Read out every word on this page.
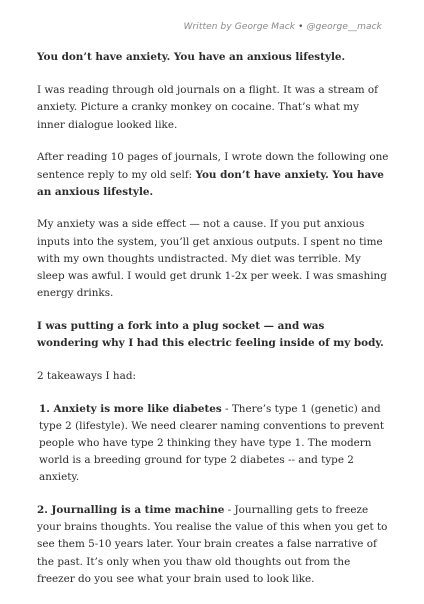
Written by George Mack • @george__mack

You don’t have anxiety. You have an anxious lifestyle.

I was reading through old journals on a flight. It was a stream of anxiety. Picture a cranky monkey on cocaine. That’s what my inner dialogue looked like.

After reading 10 pages of journals, I wrote down the following one sentence reply to my old self: You don’t have anxiety. You have an anxious lifestyle.

My anxiety was a side effect — not a cause. If you put anxious inputs into the system, you’ll get anxious outputs. I spent no time with my own thoughts undistracted. My diet was terrible. My sleep was awful. I would get drunk 1-2x per week. I was smashing energy drinks.

I was putting a fork into a plug socket — and was wondering why I had this electric feeling inside of my body.

2 takeaways I had:

1. Anxiety is more like diabetes - There’s type 1 (genetic) and type 2 (lifestyle). We need clearer naming conventions to prevent people who have type 2 thinking they have type 1. The modern world is a breeding ground for type 2 diabetes -- and type 2 anxiety.

2. Journalling is a time machine - Journalling gets to freeze your brains thoughts. You realise the value of this when you get to see them 5-10 years later. Your brain creates a false narrative of the past. It’s only when you thaw old thoughts out from the freezer do you see what your brain used to look like.
